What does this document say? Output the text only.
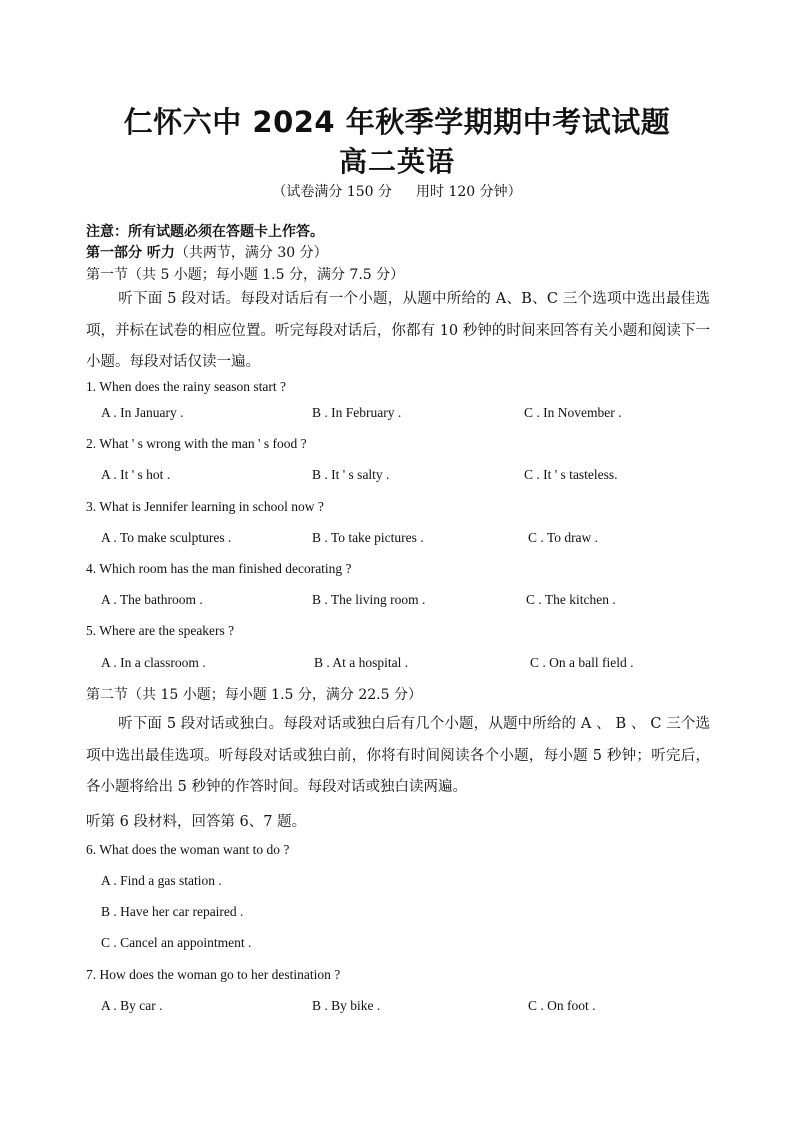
仁怀六中 2024 年秋季学期期中考试试题
高二英语
（试卷满分 150 分 用时 120 分钟）
注意：所有试题必须在答题卡上作答。
第一部分 听力（共两节，满分 30 分）
第一节（共 5 小题；每小题 1.5 分，满分 7.5 分）
听下面 5 段对话。每段对话后有一个小题，从题中所给的 A、B、C 三个选项中选出最佳选项，并标在试卷的相应位置。听完每段对话后，你都有 10 秒钟的时间来回答有关小题和阅读下一小题。每段对话仅读一遍。
1. When does the rainy season start ?
A . In January .	B . In February .	C . In November .
2. What ' s wrong with the man ' s food ?
A . It ' s hot .	B . It ' s salty .	C . It ' s tasteless.
3. What is Jennifer learning in school now ?
A . To make sculptures .	B . To take pictures .	C . To draw .
4. Which room has the man finished decorating ?
A . The bathroom .	B . The living room .	C . The kitchen .
5. Where are the speakers ?
A . In a classroom .	B . At a hospital .	C . On a ball field .
第二节（共 15 小题；每小题 1.5 分，满分 22.5 分）
听下面 5 段对话或独白。每段对话或独白后有几个小题，从题中所给的 A 、 B 、 C 三个选项中选出最佳选项。听每段对话或独白前，你将有时间阅读各个小题，每小题 5 秒钟；听完后，各小题将给出 5 秒钟的作答时间。每段对话或独白读两遍。
听第 6 段材料，回答第 6、7 题。
6. What does the woman want to do ?
A . Find a gas station .
B . Have her car repaired .
C . Cancel an appointment .
7. How does the woman go to her destination ?
A . By car .	B . By bike .	C . On foot .
